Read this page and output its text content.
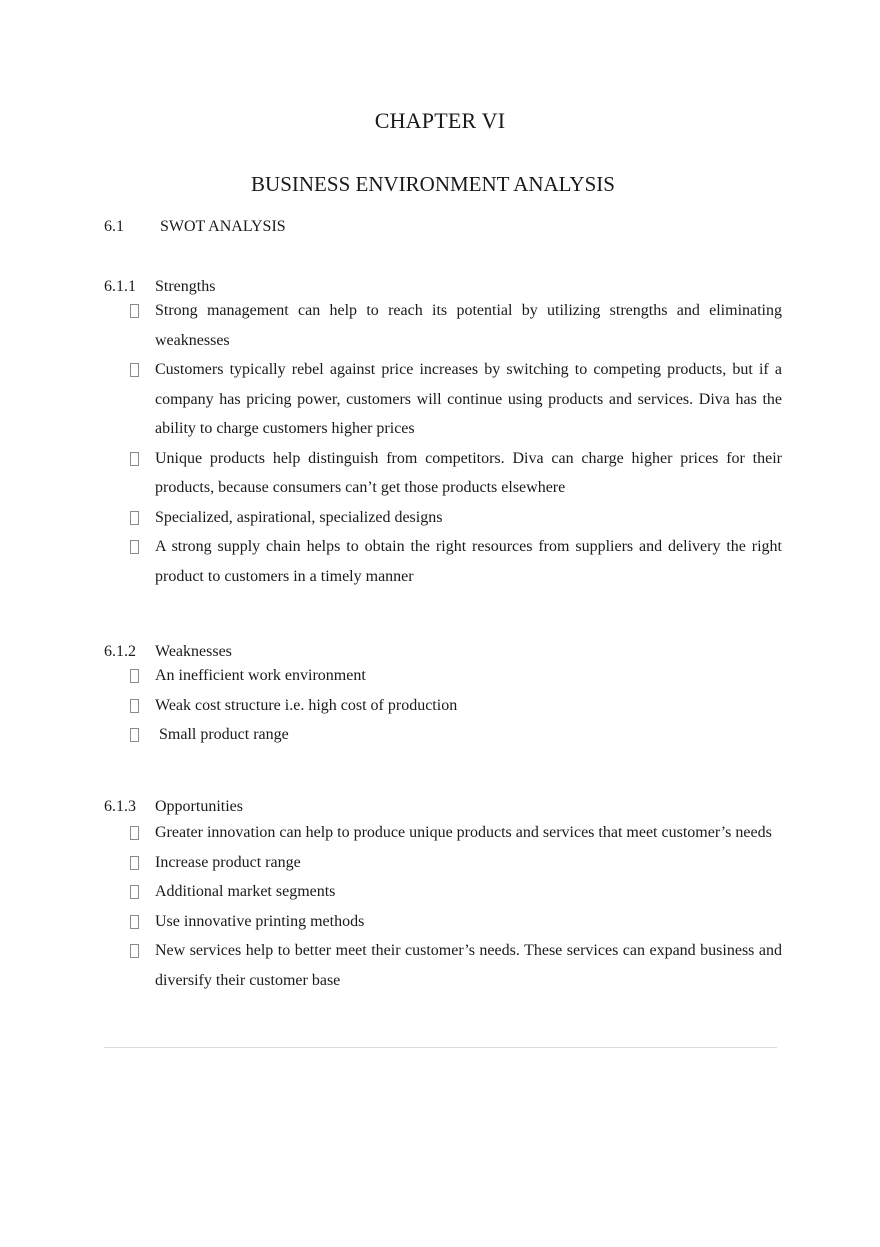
CHAPTER VI
BUSINESS ENVIRONMENT ANALYSIS
6.1 SWOT ANALYSIS
6.1.1 Strengths
Strong management can help to reach its potential by utilizing strengths and eliminating weaknesses
Customers typically rebel against price increases by switching to competing products, but if a company has pricing power, customers will continue using products and services. Diva has the ability to charge customers higher prices
Unique products help distinguish from competitors. Diva can charge higher prices for their products, because consumers can’t get those products elsewhere
Specialized, aspirational, specialized designs
A strong supply chain helps to obtain the right resources from suppliers and delivery the right product to customers in a timely manner
6.1.2 Weaknesses
An inefficient work environment
Weak cost structure i.e. high cost of production
Small product range
6.1.3 Opportunities
Greater innovation can help to produce unique products and services that meet customer’s needs
Increase product range
Additional market segments
Use innovative printing methods
New services help to better meet their customer’s needs. These services can expand business and diversify their customer base
